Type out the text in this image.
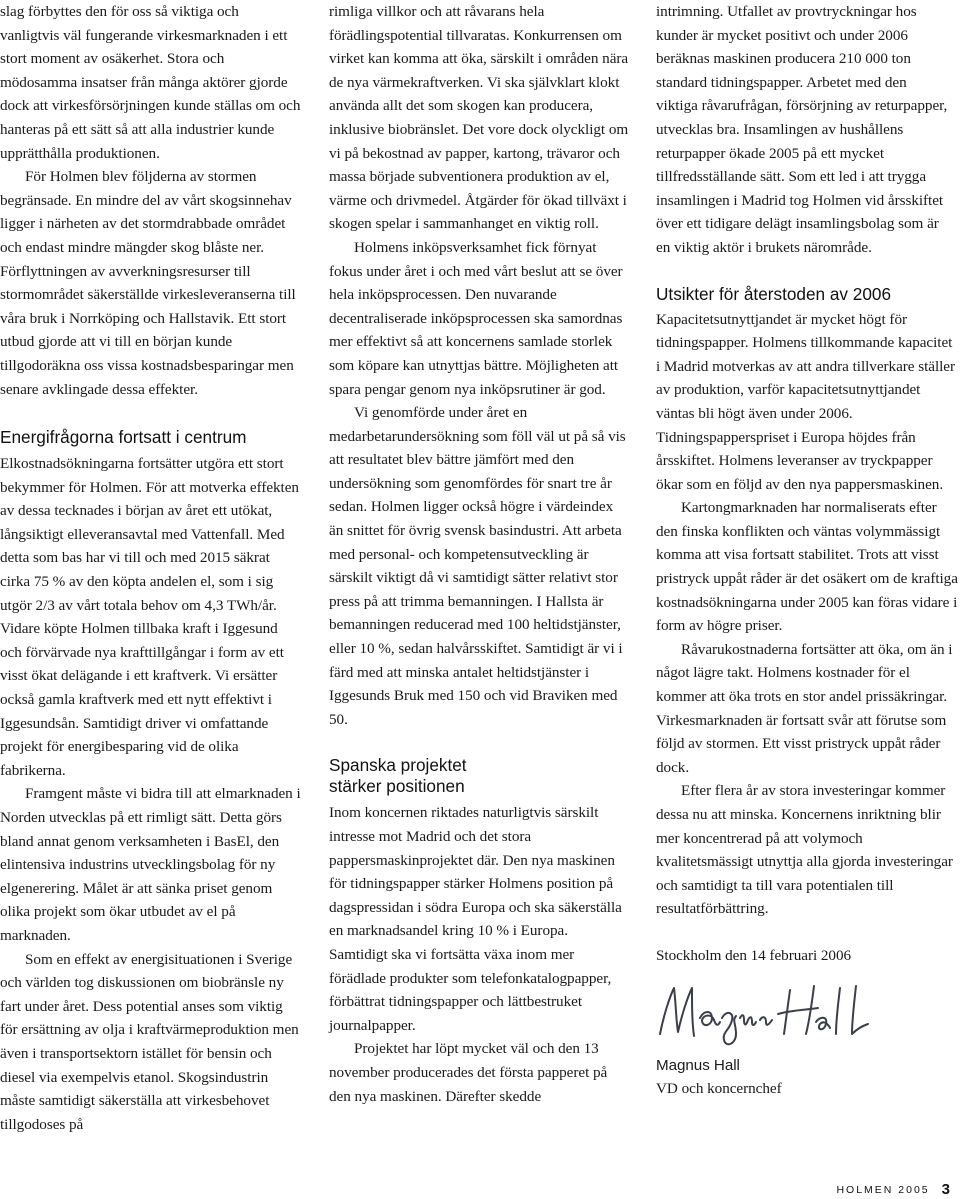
slag förbyttes den för oss så viktiga och vanligtvis väl fungerande virkesmarknaden i ett stort moment av osäkerhet. Stora och mödosamma insatser från många aktörer gjorde dock att virkesförsörjningen kunde ställas om och hanteras på ett sätt så att alla industrier kunde upprätthålla produktionen.

För Holmen blev följderna av stormen begränsade. En mindre del av vårt skogsinnehav ligger i närheten av det stormdrabbade området och endast mindre mängder skog blåste ner. Förflyttningen av avverkningsresurser till stormområdet säkerställde virkesleveranserna till våra bruk i Norrköping och Hallstavik. Ett stort utbud gjorde att vi till en början kunde tillgodoräkna oss vissa kostnadsbesparingar men senare avklingade dessa effekter.

Energifrågorna fortsatt i centrum

Elkostnadsökningarna fortsätter utgöra ett stort bekymmer för Holmen. För att motverka effekten av dessa tecknades i början av året ett utökat, långsiktigt elleveransavtal med Vattenfall. Med detta som bas har vi till och med 2015 säkrat cirka 75 % av den köpta andelen el, som i sig utgör 2/3 av vårt totala behov om 4,3 TWh/år. Vidare köpte Holmen tillbaka kraft i Iggesund och förvärvade nya krafttillgångar i form av ett visst ökat delägande i ett kraftverk. Vi ersätter också gamla kraftverk med ett nytt effektivt i Iggesundsån. Samtidigt driver vi omfattande projekt för energibesparing vid de olika fabrikerna.

Framgent måste vi bidra till att elmarknaden i Norden utvecklas på ett rimligt sätt. Detta görs bland annat genom verksamheten i BasEl, den elintensiva industrins utvecklingsbolag för ny elgenerering. Målet är att sänka priset genom olika projekt som ökar utbudet av el på marknaden.

Som en effekt av energisituationen i Sverige och världen tog diskussionen om biobränsle ny fart under året. Dess potential anses som viktig för ersättning av olja i kraftvärmeproduktion men även i transportsektorn istället för bensin och diesel via exempelvis etanol. Skogsindustrin måste samtidigt säkerställa att virkesbehovet tillgodoses på

rimliga villkor och att råvarans hela förädlingspotential tillvaratas. Konkurrensen om virket kan komma att öka, särskilt i områden nära de nya värmekraftverken. Vi ska självklart klokt använda allt det som skogen kan producera, inklusive biobränslet. Det vore dock olyckligt om vi på bekostnad av papper, kartong, trävaror och massa började subventionera produktion av el, värme och drivmedel. Åtgärder för ökad tillväxt i skogen spelar i sammanhanget en viktig roll.

Holmens inköpsverksamhet fick förnyat fokus under året i och med vårt beslut att se över hela inköpsprocessen. Den nuvarande decentraliserade inköpsprocessen ska samordnas mer effektivt så att koncernens samlade storlek som köpare kan utnyttjas bättre. Möjligheten att spara pengar genom nya inköpsrutiner är god.

Vi genomförde under året en medarbetarundersökning som föll väl ut på så vis att resultatet blev bättre jämfört med den undersökning som genomfördes för snart tre år sedan. Holmen ligger också högre i värdeindex än snittet för övrig svensk basindustri. Att arbeta med personal- och kompetensutveckling är särskilt viktigt då vi samtidigt sätter relativt stor press på att trimma bemanningen. I Hallsta är bemanningen reducerad med 100 heltidstjänster, eller 10 %, sedan halvårsskiftet. Samtidigt är vi i färd med att minska antalet heltidstjänster i Iggesunds Bruk med 150 och vid Braviken med 50.

Spanska projektet
stärker positionen

Inom koncernen riktades naturligtvis särskilt intresse mot Madrid och det stora pappersmaskinprojektet där. Den nya maskinen för tidningspapper stärker Holmens position på dagspressidan i södra Europa och ska säkerställa en marknadsandel kring 10 % i Europa. Samtidigt ska vi fortsätta växa inom mer förädlade produkter som telefonkatalogpapper, förbättrat tidningspapper och lättbestruket journalpapper.

Projektet har löpt mycket väl och den 13 november producerades det första papperet på den nya maskinen. Därefter skedde

intrimning. Utfallet av provtryckningar hos kunder är mycket positivt och under 2006 beräknas maskinen producera 210 000 ton standard tidningspapper. Arbetet med den viktiga råvarufrågan, försörjning av returpapper, utvecklas bra. Insamlingen av hushållens returpapper ökade 2005 på ett mycket tillfredsställande sätt. Som ett led i att trygga insamlingen i Madrid tog Holmen vid årsskiftet över ett tidigare delägt insamlingsbolag som är en viktig aktör i brukets närområde.

Utsikter för återstoden av 2006

Kapacitetsutnyttjandet är mycket högt för tidningspapper. Holmens tillkommande kapacitet i Madrid motverkas av att andra tillverkare ställer av produktion, varför kapacitetsutnyttjandet väntas bli högt även under 2006. Tidningspapperspriset i Europa höjdes från årsskiftet. Holmens leveranser av tryckpapper ökar som en följd av den nya pappersmaskinen.

Kartongmarknaden har normaliserats efter den finska konflikten och väntas volymmässigt komma att visa fortsatt stabilitet. Trots att visst pristryck uppåt råder är det osäkert om de kraftiga kostnadsökningarna under 2005 kan föras vidare i form av högre priser.

Råvarukostnaderna fortsätter att öka, om än i något lägre takt. Holmens kostnader för el kommer att öka trots en stor andel prissäkringar. Virkesmarknaden är fortsatt svår att förutse som följd av stormen. Ett visst pristryck uppåt råder dock.

Efter flera år av stora investeringar kommer dessa nu att minska. Koncernens inriktning blir mer koncentrerad på att volymoch kvalitetsmässigt utnyttja alla gjorda investeringar och samtidigt ta till vara potentialen till resultatförbättring.

Stockholm den 14 februari 2006

Magnus Hall

VD och koncernchef

HOLMEN 2005 3
